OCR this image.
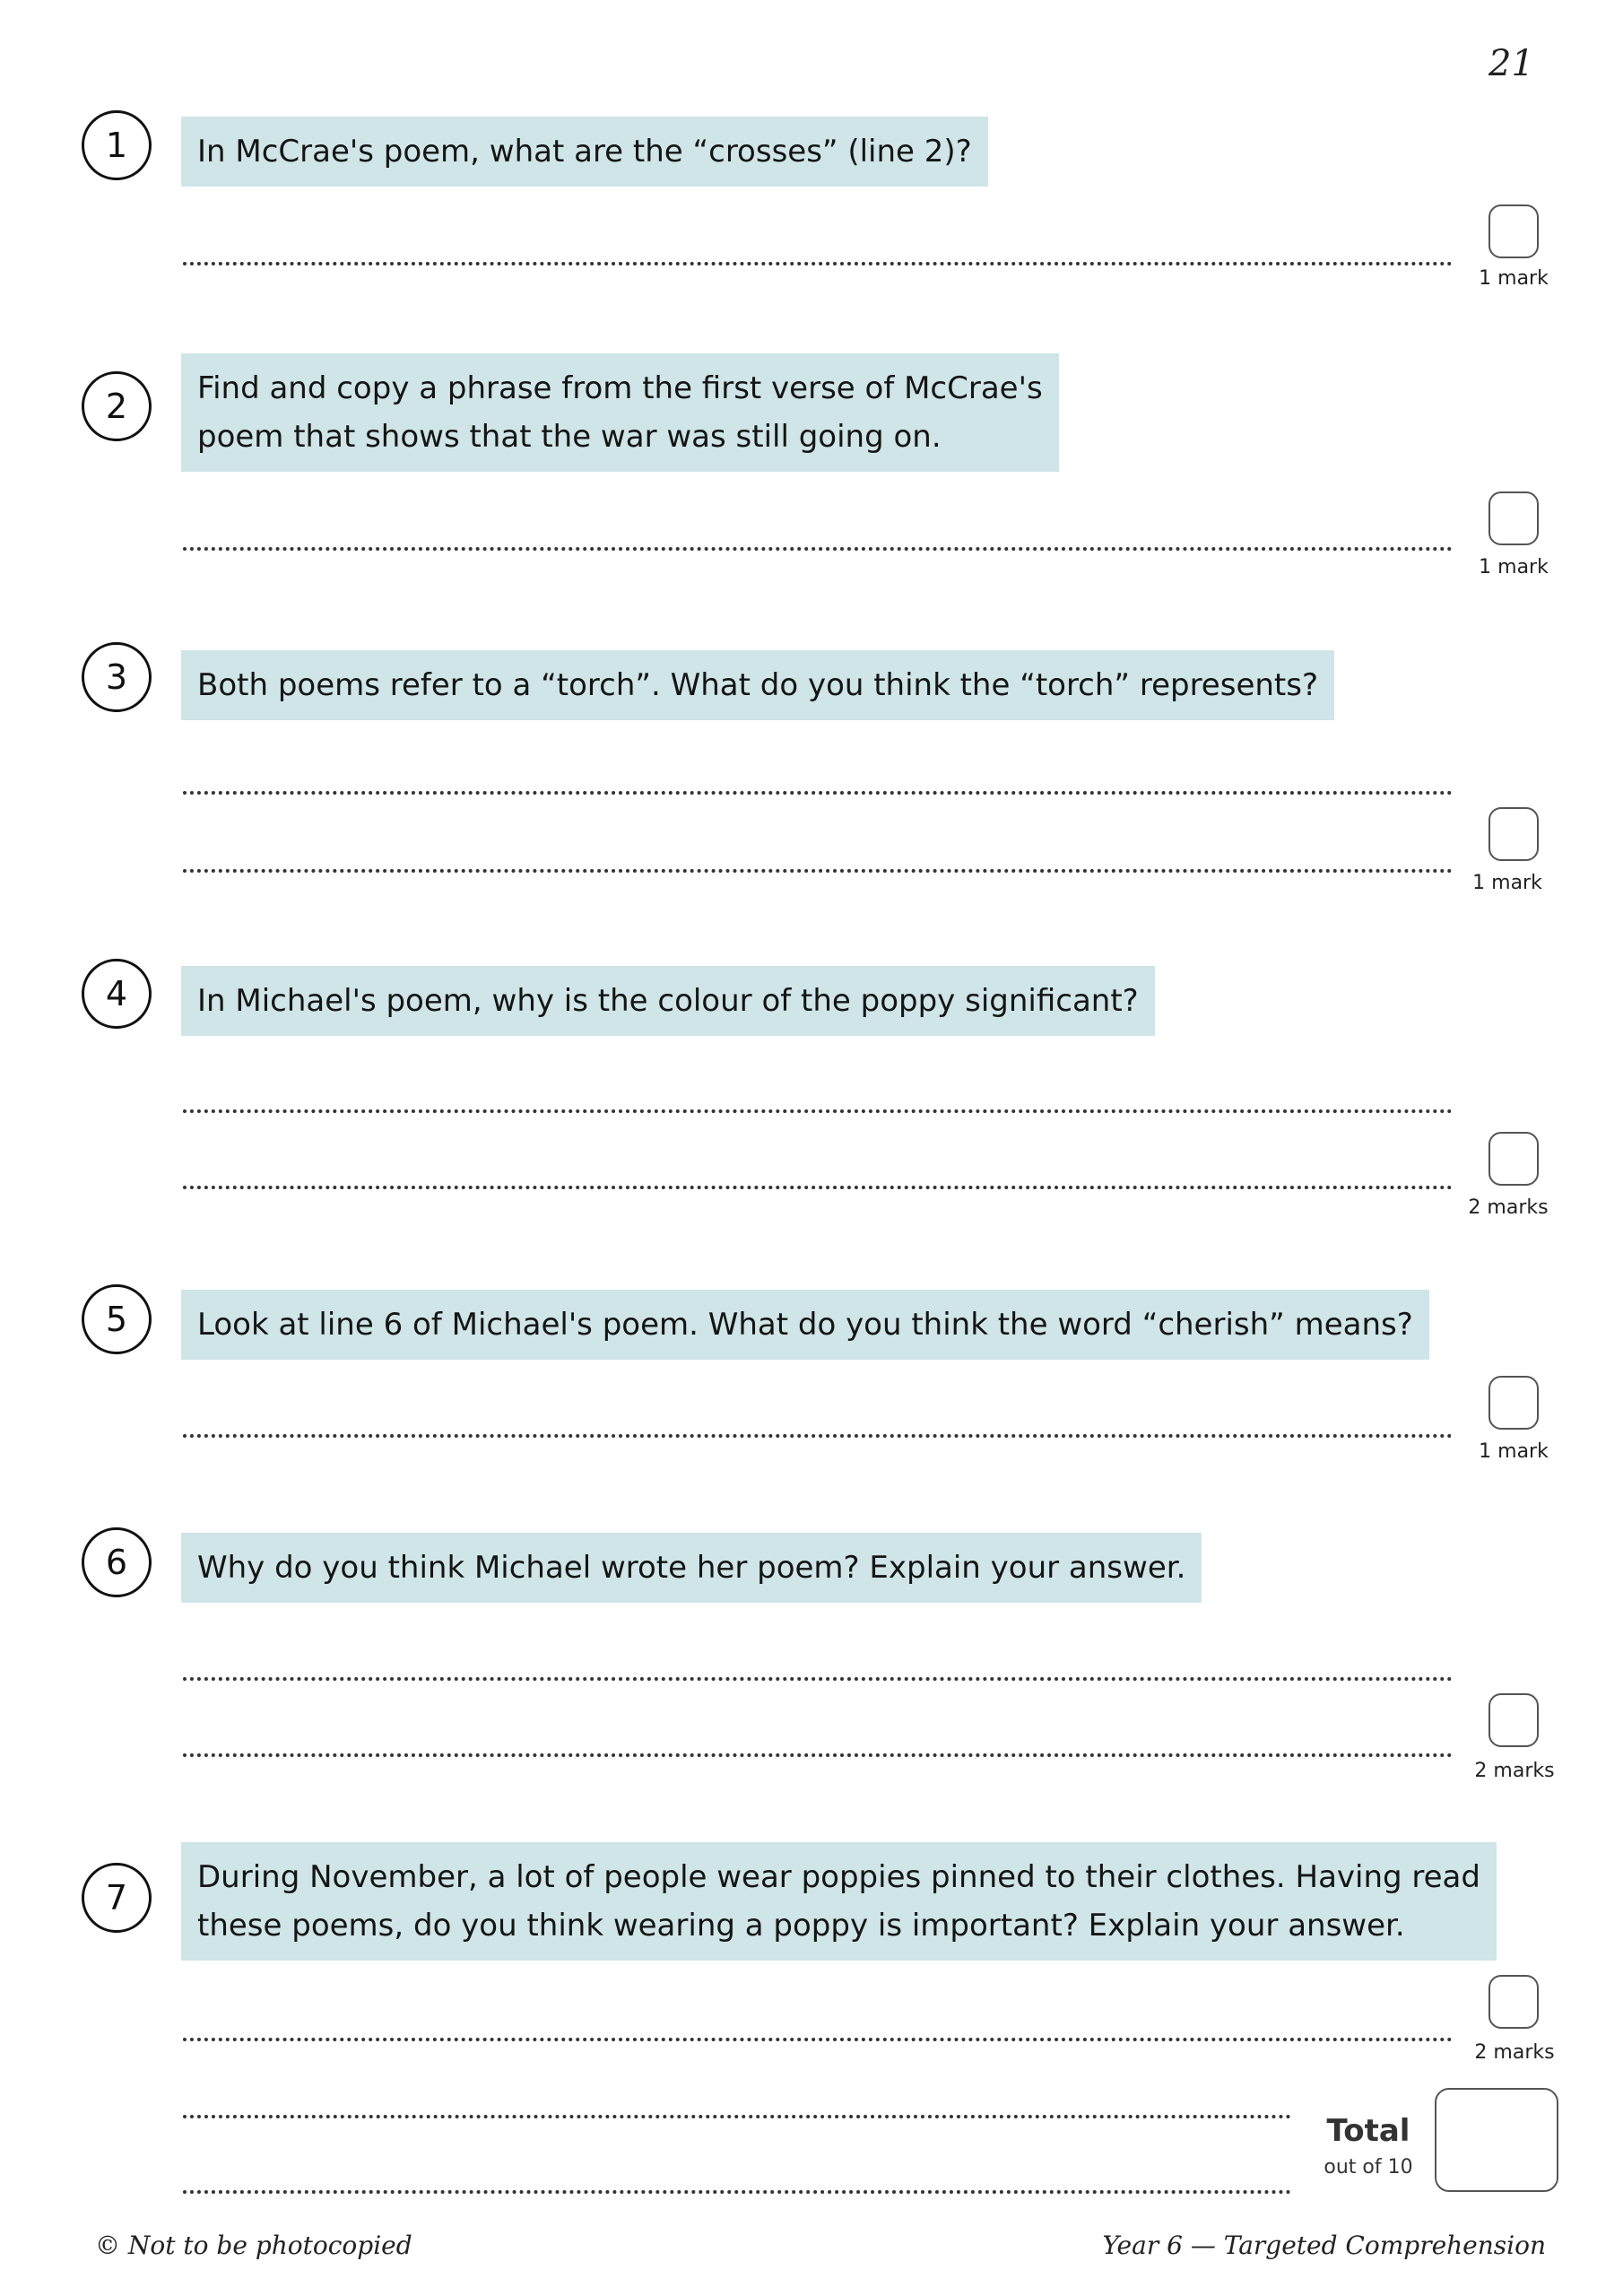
21
1	In McCrae's poem, what are the “crosses” (line 2)?
1 mark
2	Find and copy a phrase from the first verse of McCrae's
poem that shows that the war was still going on.
1 mark
3	Both poems refer to a “torch”. What do you think the “torch” represents?
1 mark
4	In Michael's poem, why is the colour of the poppy significant?
2 marks
5	Look at line 6 of Michael's poem. What do you think the word “cherish” means?
1 mark
6	Why do you think Michael wrote her poem? Explain your answer.
2 marks
7
During November, a lot of people wear poppies pinned to their clothes. Having read
these poems, do you think wearing a poppy is important? Explain your answer.
2 marks
Total
out of 10
© Not to be photocopied	Year 6 — Targeted Comprehension
